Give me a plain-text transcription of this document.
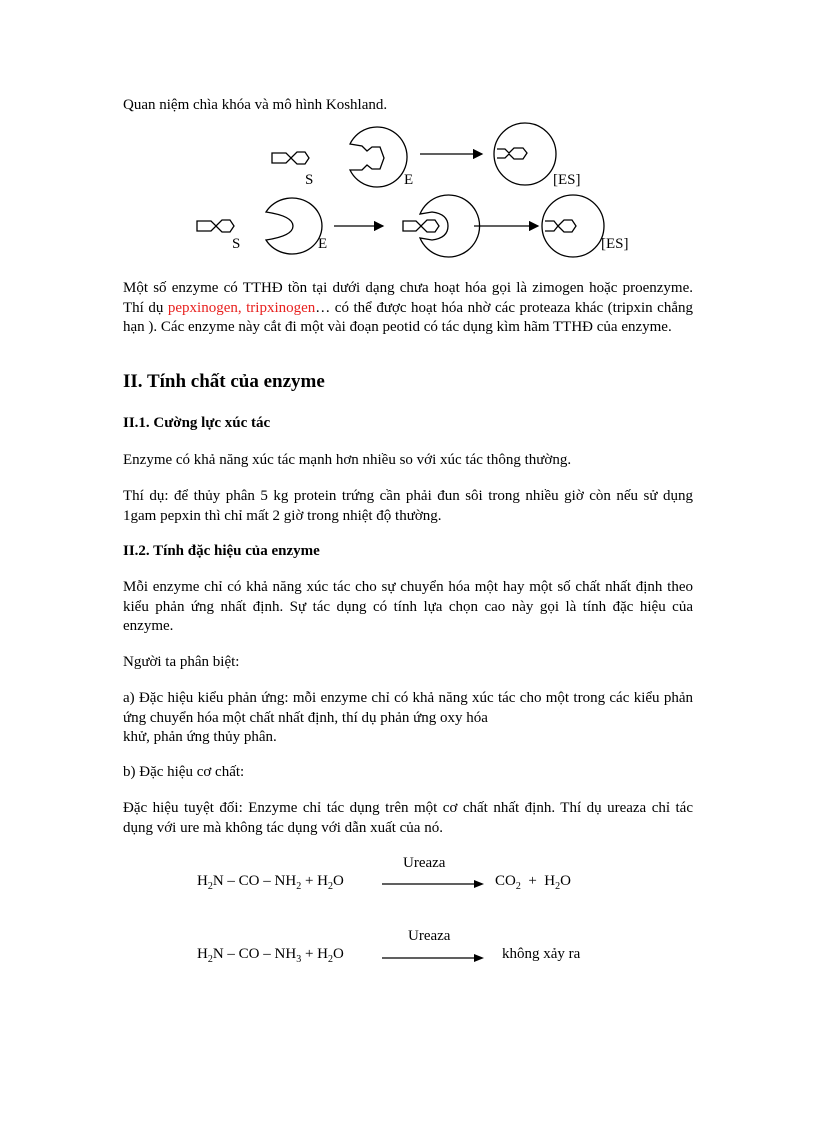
Quan niệm chìa khóa và mô hình Koshland.

S	E	[ES]
S	E	[ES]

Một số enzyme có TTHĐ tồn tại dưới dạng chưa hoạt hóa gọi là zimogen hoặc proenzyme. Thí dụ pepxinogen, tripxinogen… có thể được hoạt hóa nhờ các proteaza khác (tripxin chẳng hạn ). Các enzyme này cắt đi một vài đoạn peotid có tác dụng kìm hãm TTHĐ của enzyme.

II. Tính chất của enzyme
II.1. Cường lực xúc tác

Enzyme có khả năng xúc tác mạnh hơn nhiều so với xúc tác thông thường.

Thí dụ: để thủy phân 5 kg protein trứng cần phải đun sôi trong nhiều giờ còn nếu sử dụng 1gam pepxin thì chỉ mất 2 giờ trong nhiệt độ thường.

II.2. Tính đặc hiệu của enzyme

Mỗi enzyme chỉ có khả năng xúc tác cho sự chuyển hóa một hay một số chất nhất định theo kiểu phản ứng nhất định. Sự tác dụng có tính lựa chọn cao này gọi là tính đặc hiệu của enzyme.

Người ta phân biệt:

a) Đặc hiệu kiểu phản ứng: mỗi enzyme chỉ có khả năng xúc tác cho một trong các kiểu phản ứng chuyển hóa một chất nhất định, thí dụ phản ứng oxy hóa

khử, phản ứng thủy phân.

b) Đặc hiệu cơ chất:

Đặc hiệu tuyệt đối: Enzyme chỉ tác dụng trên một cơ chất nhất định. Thí dụ ureaza chỉ tác dụng với ure mà không tác dụng với dẫn xuất của nó.

Ureaza
$H_2N$ – CO – $NH_2 + H_2O$	$CO_2 + H_2O$
Ureaza
$H_2N$ – CO – $NH_3 + H_2O$	không xảy ra
